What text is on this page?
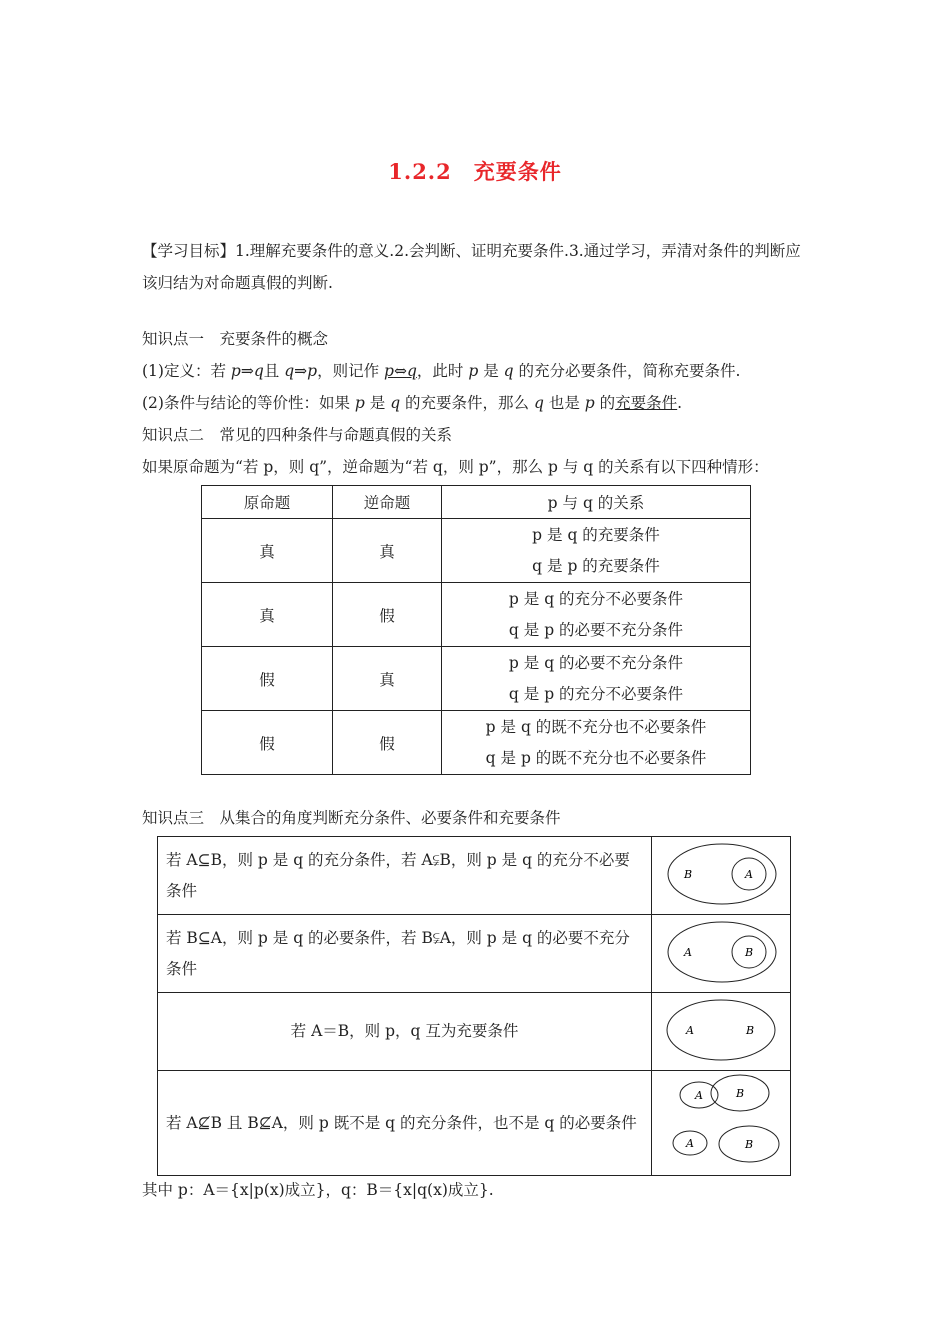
1.2.2　充要条件
【学习目标】1.理解充要条件的意义.2.会判断、证明充要条件.3.通过学习，弄清对条件的判断应该归结为对命题真假的判断.
知识点一　充要条件的概念
(1)定义：若 p⇒q且 q⇒p，则记作 p⇔q，此时 p 是 q 的充分必要条件，简称充要条件.
(2)条件与结论的等价性：如果 p 是 q 的充要条件，那么 q 也是 p 的充要条件.
知识点二　常见的四种条件与命题真假的关系
如果原命题为“若 p，则 q”，逆命题为“若 q，则 p”，那么 p 与 q 的关系有以下四种情形：
原命题	逆命题	p 与 q 的关系
真	真	p 是 q 的充要条件
q 是 p 的充要条件

真	假	p 是 q 的充分不必要条件
q 是 p 的必要不充分条件

假	真	p 是 q 的必要不充分条件
q 是 p 的充分不必要条件

假	假	p 是 q 的既不充分也不必要条件
q 是 p 的既不充分也不必要条件
知识点三　从集合的角度判断充分条件、必要条件和充要条件
若 A⊆B，则 p 是 q 的充分条件，若 A⫋B，则 p 是 q 的充分不必要条件	B A

若 B⊆A，则 p 是 q 的必要条件，若 B⫋A，则 p 是 q 的必要不充分条件	A B

若 A＝B，则 p，q 互为充要条件	A B

若 A⊈B 且 B⊈A，则 p 既不是 q 的充分条件，也不是 q 的必要条件	A B
A B
其中 p：A＝{x|p(x)成立}，q：B＝{x|q(x)成立}.
